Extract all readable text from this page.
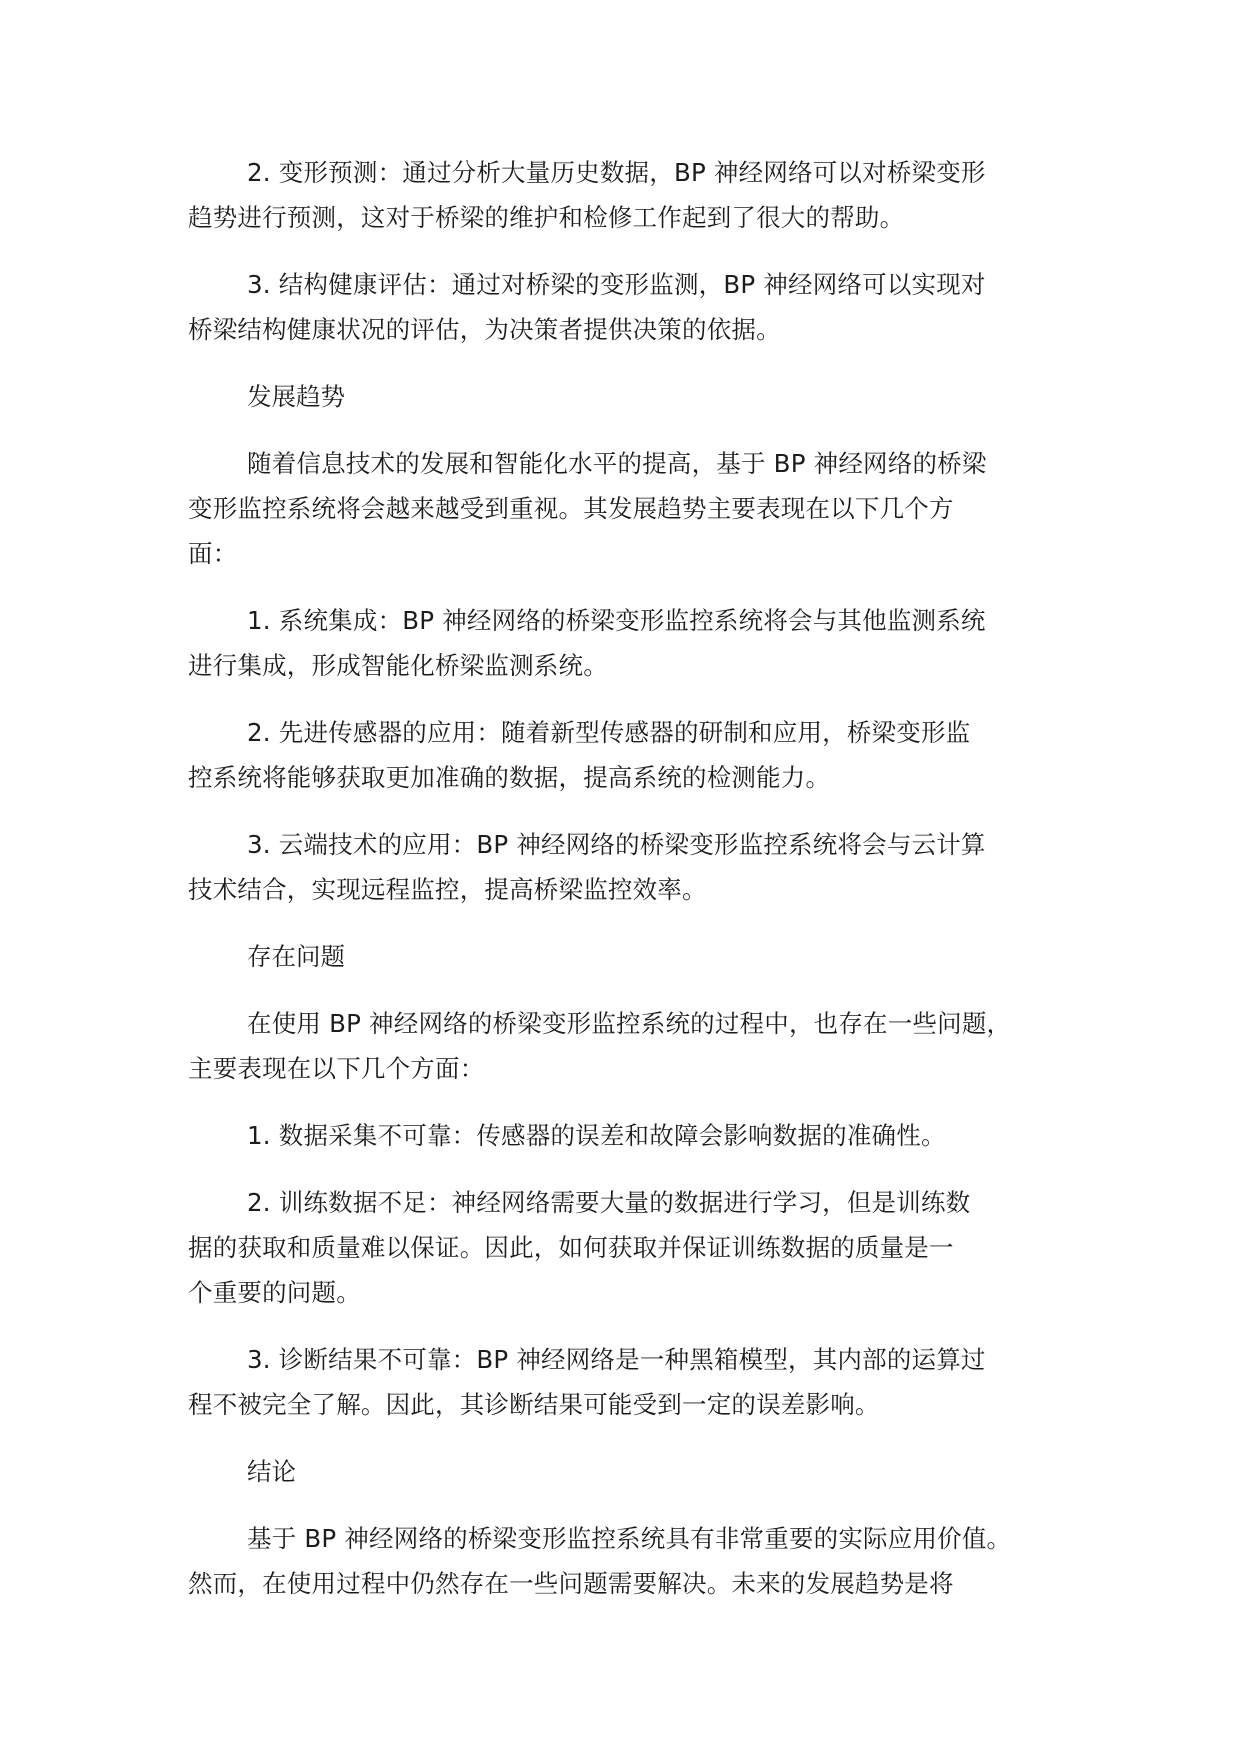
2. 变形预测：通过分析大量历史数据，BP 神经网络可以对桥梁变形
趋势进行预测，这对于桥梁的维护和检修工作起到了很大的帮助。

3. 结构健康评估：通过对桥梁的变形监测，BP 神经网络可以实现对
桥梁结构健康状况的评估，为决策者提供决策的依据。

发展趋势

随着信息技术的发展和智能化水平的提高，基于 BP 神经网络的桥梁
变形监控系统将会越来越受到重视。其发展趋势主要表现在以下几个方
面：

1. 系统集成：BP 神经网络的桥梁变形监控系统将会与其他监测系统
进行集成，形成智能化桥梁监测系统。

2. 先进传感器的应用：随着新型传感器的研制和应用，桥梁变形监
控系统将能够获取更加准确的数据，提高系统的检测能力。

3. 云端技术的应用：BP 神经网络的桥梁变形监控系统将会与云计算
技术结合，实现远程监控，提高桥梁监控效率。

存在问题

在使用 BP 神经网络的桥梁变形监控系统的过程中，也存在一些问题，
主要表现在以下几个方面：

1. 数据采集不可靠：传感器的误差和故障会影响数据的准确性。

2. 训练数据不足：神经网络需要大量的数据进行学习，但是训练数
据的获取和质量难以保证。因此，如何获取并保证训练数据的质量是一
个重要的问题。

3. 诊断结果不可靠：BP 神经网络是一种黑箱模型，其内部的运算过
程不被完全了解。因此，其诊断结果可能受到一定的误差影响。

结论

基于 BP 神经网络的桥梁变形监控系统具有非常重要的实际应用价值。
然而，在使用过程中仍然存在一些问题需要解决。未来的发展趋势是将
